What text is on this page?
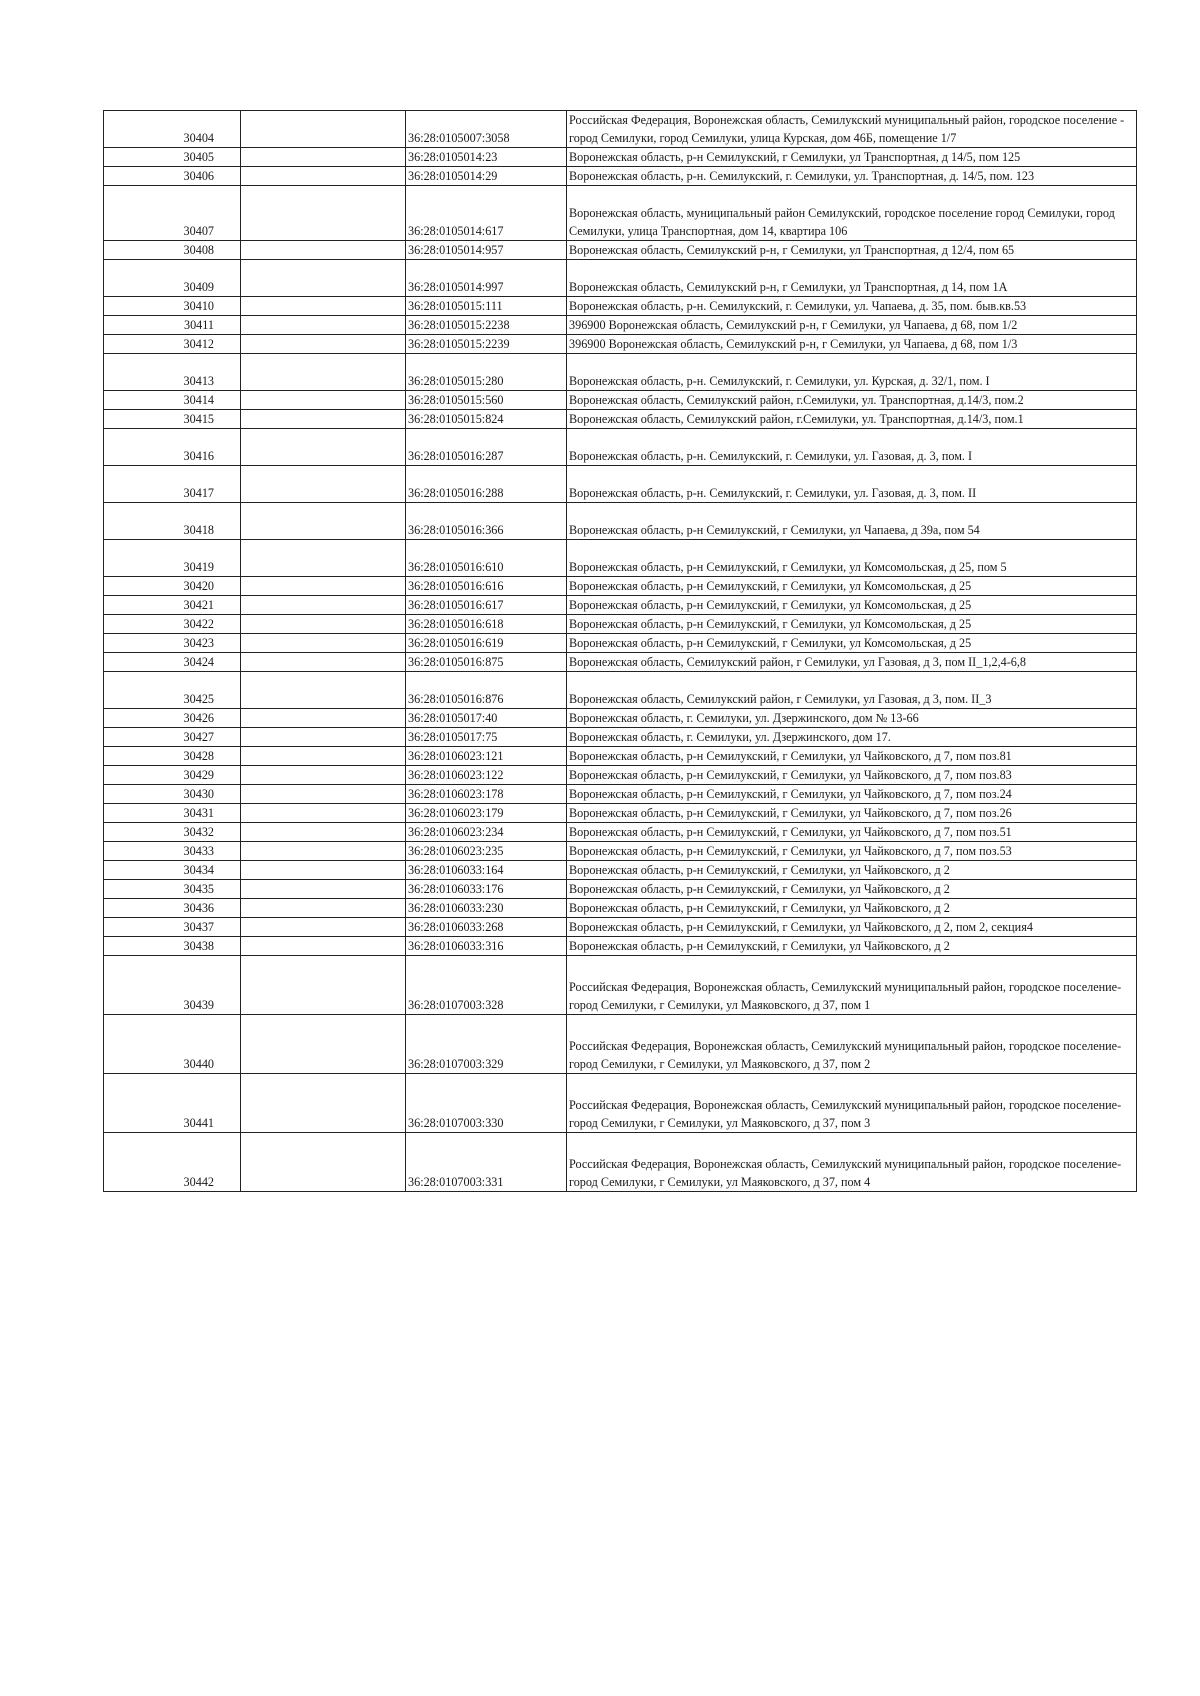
30404		36:28:0105007:3058	Российская Федерация, Воронежская область, Семилукский муниципальный район, городское поселение - город Семилуки, город Семилуки, улица Курская, дом 46Б, помещение 1/7
30405		36:28:0105014:23	Воронежская область, р-н Семилукский, г Семилуки, ул Транспортная, д 14/5, пом 125
30406		36:28:0105014:29	Воронежская область, р-н. Семилукский, г. Семилуки, ул. Транспортная, д. 14/5, пом. 123
30407		36:28:0105014:617	Воронежская область, муниципальный район Семилукский, городское поселение город Семилуки, город Семилуки, улица Транспортная, дом 14, квартира 106
30408		36:28:0105014:957	Воронежская область, Семилукский р-н, г Семилуки, ул Транспортная, д 12/4, пом 65
30409		36:28:0105014:997	Воронежская область, Семилукский р-н, г Семилуки, ул Транспортная, д 14, пом 1А
30410		36:28:0105015:111	Воронежская область, р-н. Семилукский, г. Семилуки, ул. Чапаева, д. 35, пом. быв.кв.53
30411		36:28:0105015:2238	396900 Воронежская область, Семилукский р-н, г Семилуки, ул Чапаева, д 68, пом 1/2
30412		36:28:0105015:2239	396900 Воронежская область, Семилукский р-н, г Семилуки, ул Чапаева, д 68, пом 1/3
30413		36:28:0105015:280	Воронежская область, р-н. Семилукский, г. Семилуки, ул. Курская, д. 32/1, пом. I
30414		36:28:0105015:560	Воронежская область, Семилукский район, г.Семилуки, ул. Транспортная, д.14/3, пом.2
30415		36:28:0105015:824	Воронежская область, Семилукский район, г.Семилуки, ул. Транспортная, д.14/3, пом.1
30416		36:28:0105016:287	Воронежская область, р-н. Семилукский, г. Семилуки, ул. Газовая, д. 3, пом. I
30417		36:28:0105016:288	Воронежская область, р-н. Семилукский, г. Семилуки, ул. Газовая, д. 3, пом. II
30418		36:28:0105016:366	Воронежская область, р-н Семилукский, г Семилуки, ул Чапаева, д 39а, пом 54
30419		36:28:0105016:610	Воронежская область, р-н Семилукский, г Семилуки, ул Комсомольская, д 25, пом 5
30420		36:28:0105016:616	Воронежская область, р-н Семилукский, г Семилуки, ул Комсомольская, д 25
30421		36:28:0105016:617	Воронежская область, р-н Семилукский, г Семилуки, ул Комсомольская, д 25
30422		36:28:0105016:618	Воронежская область, р-н Семилукский, г Семилуки, ул Комсомольская, д 25
30423		36:28:0105016:619	Воронежская область, р-н Семилукский, г Семилуки, ул Комсомольская, д 25
30424		36:28:0105016:875	Воронежская область, Семилукский район, г Семилуки, ул Газовая, д 3, пом II_1,2,4-6,8
30425		36:28:0105016:876	Воронежская область, Семилукский район, г Семилуки, ул Газовая, д 3, пом. II_3
30426		36:28:0105017:40	Воронежская область, г. Семилуки, ул. Дзержинского, дом № 13-66
30427		36:28:0105017:75	Воронежская область, г. Семилуки, ул. Дзержинского, дом 17.
30428		36:28:0106023:121	Воронежская область, р-н Семилукский, г Семилуки, ул Чайковского, д 7, пом поз.81
30429		36:28:0106023:122	Воронежская область, р-н Семилукский, г Семилуки, ул Чайковского, д 7, пом поз.83
30430		36:28:0106023:178	Воронежская область, р-н Семилукский, г Семилуки, ул Чайковского, д 7, пом поз.24
30431		36:28:0106023:179	Воронежская область, р-н Семилукский, г Семилуки, ул Чайковского, д 7, пом поз.26
30432		36:28:0106023:234	Воронежская область, р-н Семилукский, г Семилуки, ул Чайковского, д 7, пом поз.51
30433		36:28:0106023:235	Воронежская область, р-н Семилукский, г Семилуки, ул Чайковского, д 7, пом поз.53
30434		36:28:0106033:164	Воронежская область, р-н Семилукский, г Семилуки, ул Чайковского, д 2
30435		36:28:0106033:176	Воронежская область, р-н Семилукский, г Семилуки, ул Чайковского, д 2
30436		36:28:0106033:230	Воронежская область, р-н Семилукский, г Семилуки, ул Чайковского, д 2
30437		36:28:0106033:268	Воронежская область, р-н Семилукский, г Семилуки, ул Чайковского, д 2, пом 2, секция4
30438		36:28:0106033:316	Воронежская область, р-н Семилукский, г Семилуки, ул Чайковского, д 2
30439		36:28:0107003:328	Российская Федерация, Воронежская область, Семилукский муниципальный район, городское поселение-город Семилуки, г Семилуки, ул Маяковского, д 37, пом 1
30440		36:28:0107003:329	Российская Федерация, Воронежская область, Семилукский муниципальный район, городское поселение-город Семилуки, г Семилуки, ул Маяковского, д 37, пом 2
30441		36:28:0107003:330	Российская Федерация, Воронежская область, Семилукский муниципальный район, городское поселение-город Семилуки, г Семилуки, ул Маяковского, д 37, пом 3
30442		36:28:0107003:331	Российская Федерация, Воронежская область, Семилукский муниципальный район, городское поселение-город Семилуки, г Семилуки, ул Маяковского, д 37, пом 4
